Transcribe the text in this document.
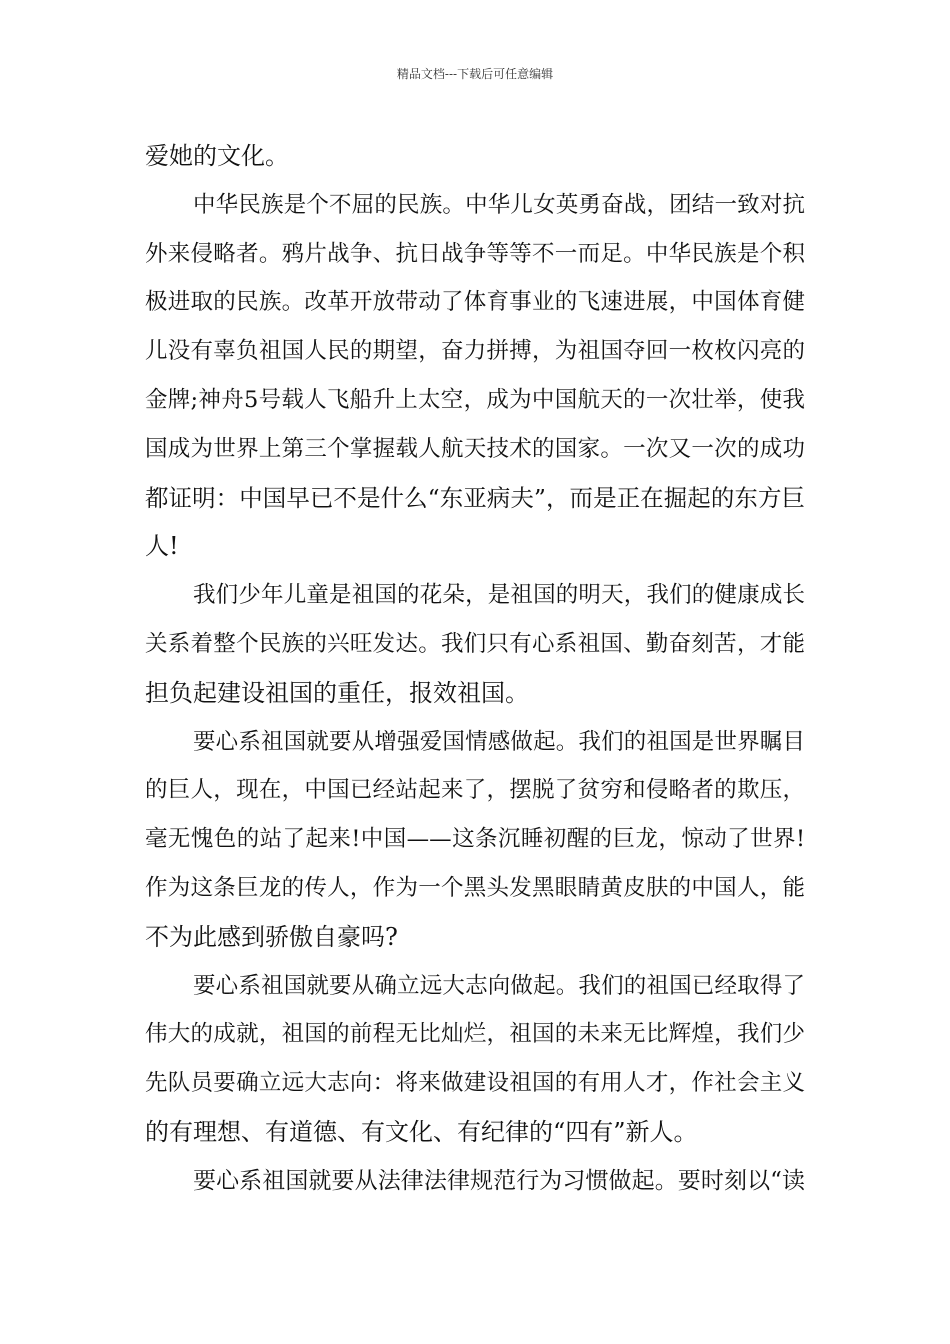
精品文档---下载后可任意编辑
爱她的文化。
中华民族是个不屈的民族。中华儿女英勇奋战，团结一致对抗
外来侵略者。鸦片战争、抗日战争等等不一而足。中华民族是个积
极进取的民族。改革开放带动了体育事业的飞速进展，中国体育健
儿没有辜负祖国人民的期望，奋力拼搏，为祖国夺回一枚枚闪亮的
金牌;神舟5号载人飞船升上太空，成为中国航天的一次壮举，使我
国成为世界上第三个掌握载人航天技术的国家。一次又一次的成功
都证明：中国早已不是什么“东亚病夫”，而是正在掘起的东方巨
人!
我们少年儿童是祖国的花朵，是祖国的明天，我们的健康成长
关系着整个民族的兴旺发达。我们只有心系祖国、勤奋刻苦，才能
担负起建设祖国的重任，报效祖国。
要心系祖国就要从增强爱国情感做起。我们的祖国是世界瞩目
的巨人，现在，中国已经站起来了，摆脱了贫穷和侵略者的欺压，
毫无愧色的站了起来!中国——这条沉睡初醒的巨龙，惊动了世界!
作为这条巨龙的传人，作为一个黑头发黑眼睛黄皮肤的中国人，能
不为此感到骄傲自豪吗?
要心系祖国就要从确立远大志向做起。我们的祖国已经取得了
伟大的成就，祖国的前程无比灿烂，祖国的未来无比辉煌，我们少
先队员要确立远大志向：将来做建设祖国的有用人才，作社会主义
的有理想、有道德、有文化、有纪律的“四有”新人。
要心系祖国就要从法律法律规范行为习惯做起。要时刻以“读
